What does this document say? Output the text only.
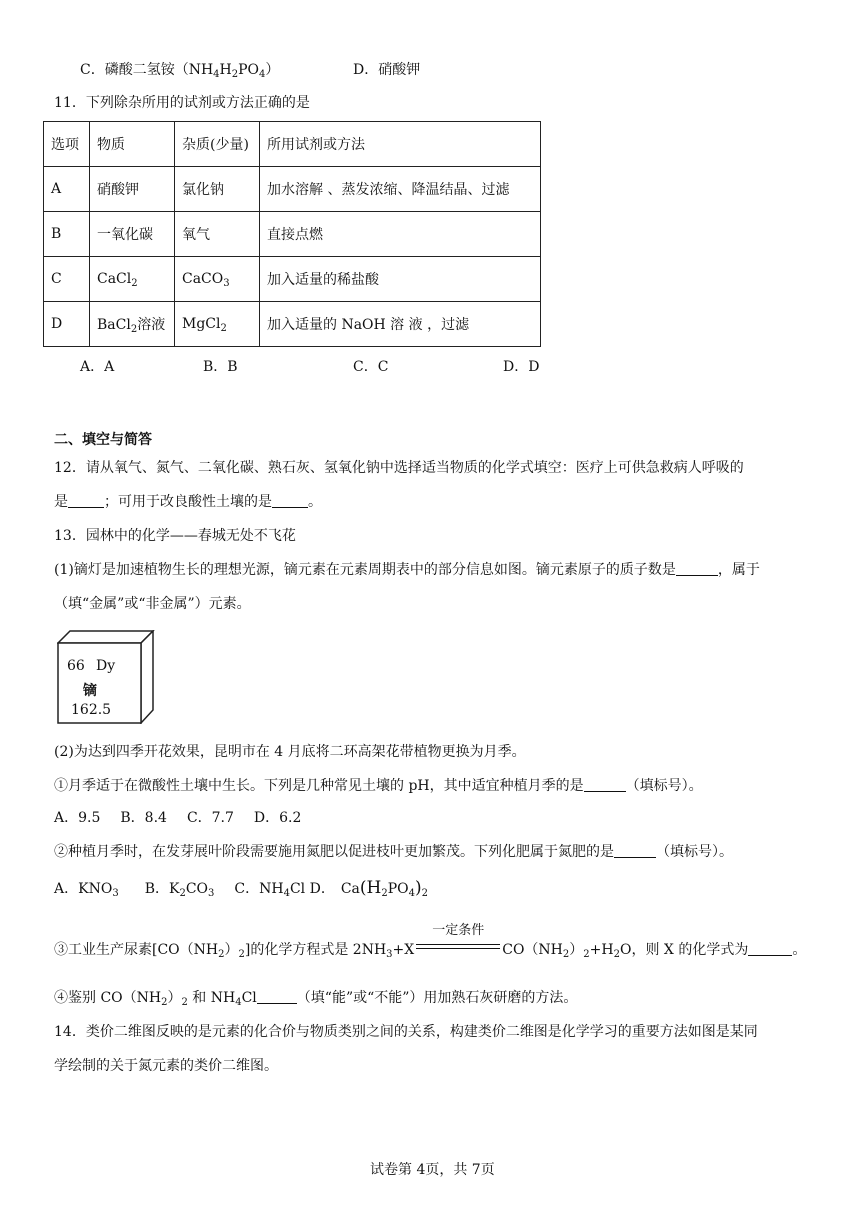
C．磷酸二氢铵$(NH_4H_2PO_4)$	D．硝酸钾
11．下列除杂所用的试剂或方法正确的是
选项	物质	杂质(少量)	所用试剂或方法
A	硝酸钾	氯化钠	加水溶解 、蒸发浓缩、降温结晶、过滤
B	一氧化碳	氧气	直接点燃
C	CaCl$_2$	CaCO$_3$	加入适量的稀盐酸
D	BaCl$_2$溶液	MgCl$_2$	加入适量的 NaOH 溶 液 ，过滤
A．A	B．B	C．C	D．D
二、填空与简答
12．请从氧气、氮气、二氧化碳、熟石灰、氢氧化钠中选择适当物质的化学式填空：医疗上可供急救病人呼吸的
是	；可用于改良酸性土壤的是	。
13．园林中的化学——春城无处不飞花
(1)镝灯是加速植物生长的理想光源，镝元素在元素周期表中的部分信息如图。镝元素原子的质子数是	，属于
（填“金属”或“非金属”）元素。
66 Dy
镝
162.5
(2)为达到四季开花效果，昆明市在 4 月底将二环高架花带植物更换为月季。
①月季适于在微酸性土壤中生长。下列是几种常见土壤的 pH，其中适宜种植月季的是	（填标号）。
A．9.5 B．8.4 C．7.7 D．6.2
②种植月季时，在发芽展叶阶段需要施用氮肥以促进枝叶更加繁茂。下列化肥属于氮肥的是	（填标号）。
A．$KNO_3$ B．$K_2CO_3$ C．$NH_4Cl$ D． $Ca(H_2PO_4)_2$
③工业生产尿素$[CO(NH_2)_2]$的化学方程式是 $2NH_3+X$
一定条件
$CO(NH_2)_2+H_2O$，则 X 的化学式为	。
④鉴别 $CO(NH_2)_2$ 和 $NH_4Cl$	（填“能”或“不能”）用加熟石灰研磨的方法。
14．类价二维图反映的是元素的化合价与物质类别之间的关系，构建类价二维图是化学学习的重要方法如图是某同
学绘制的关于氮元素的类价二维图。
试卷第 4页，共 7页
